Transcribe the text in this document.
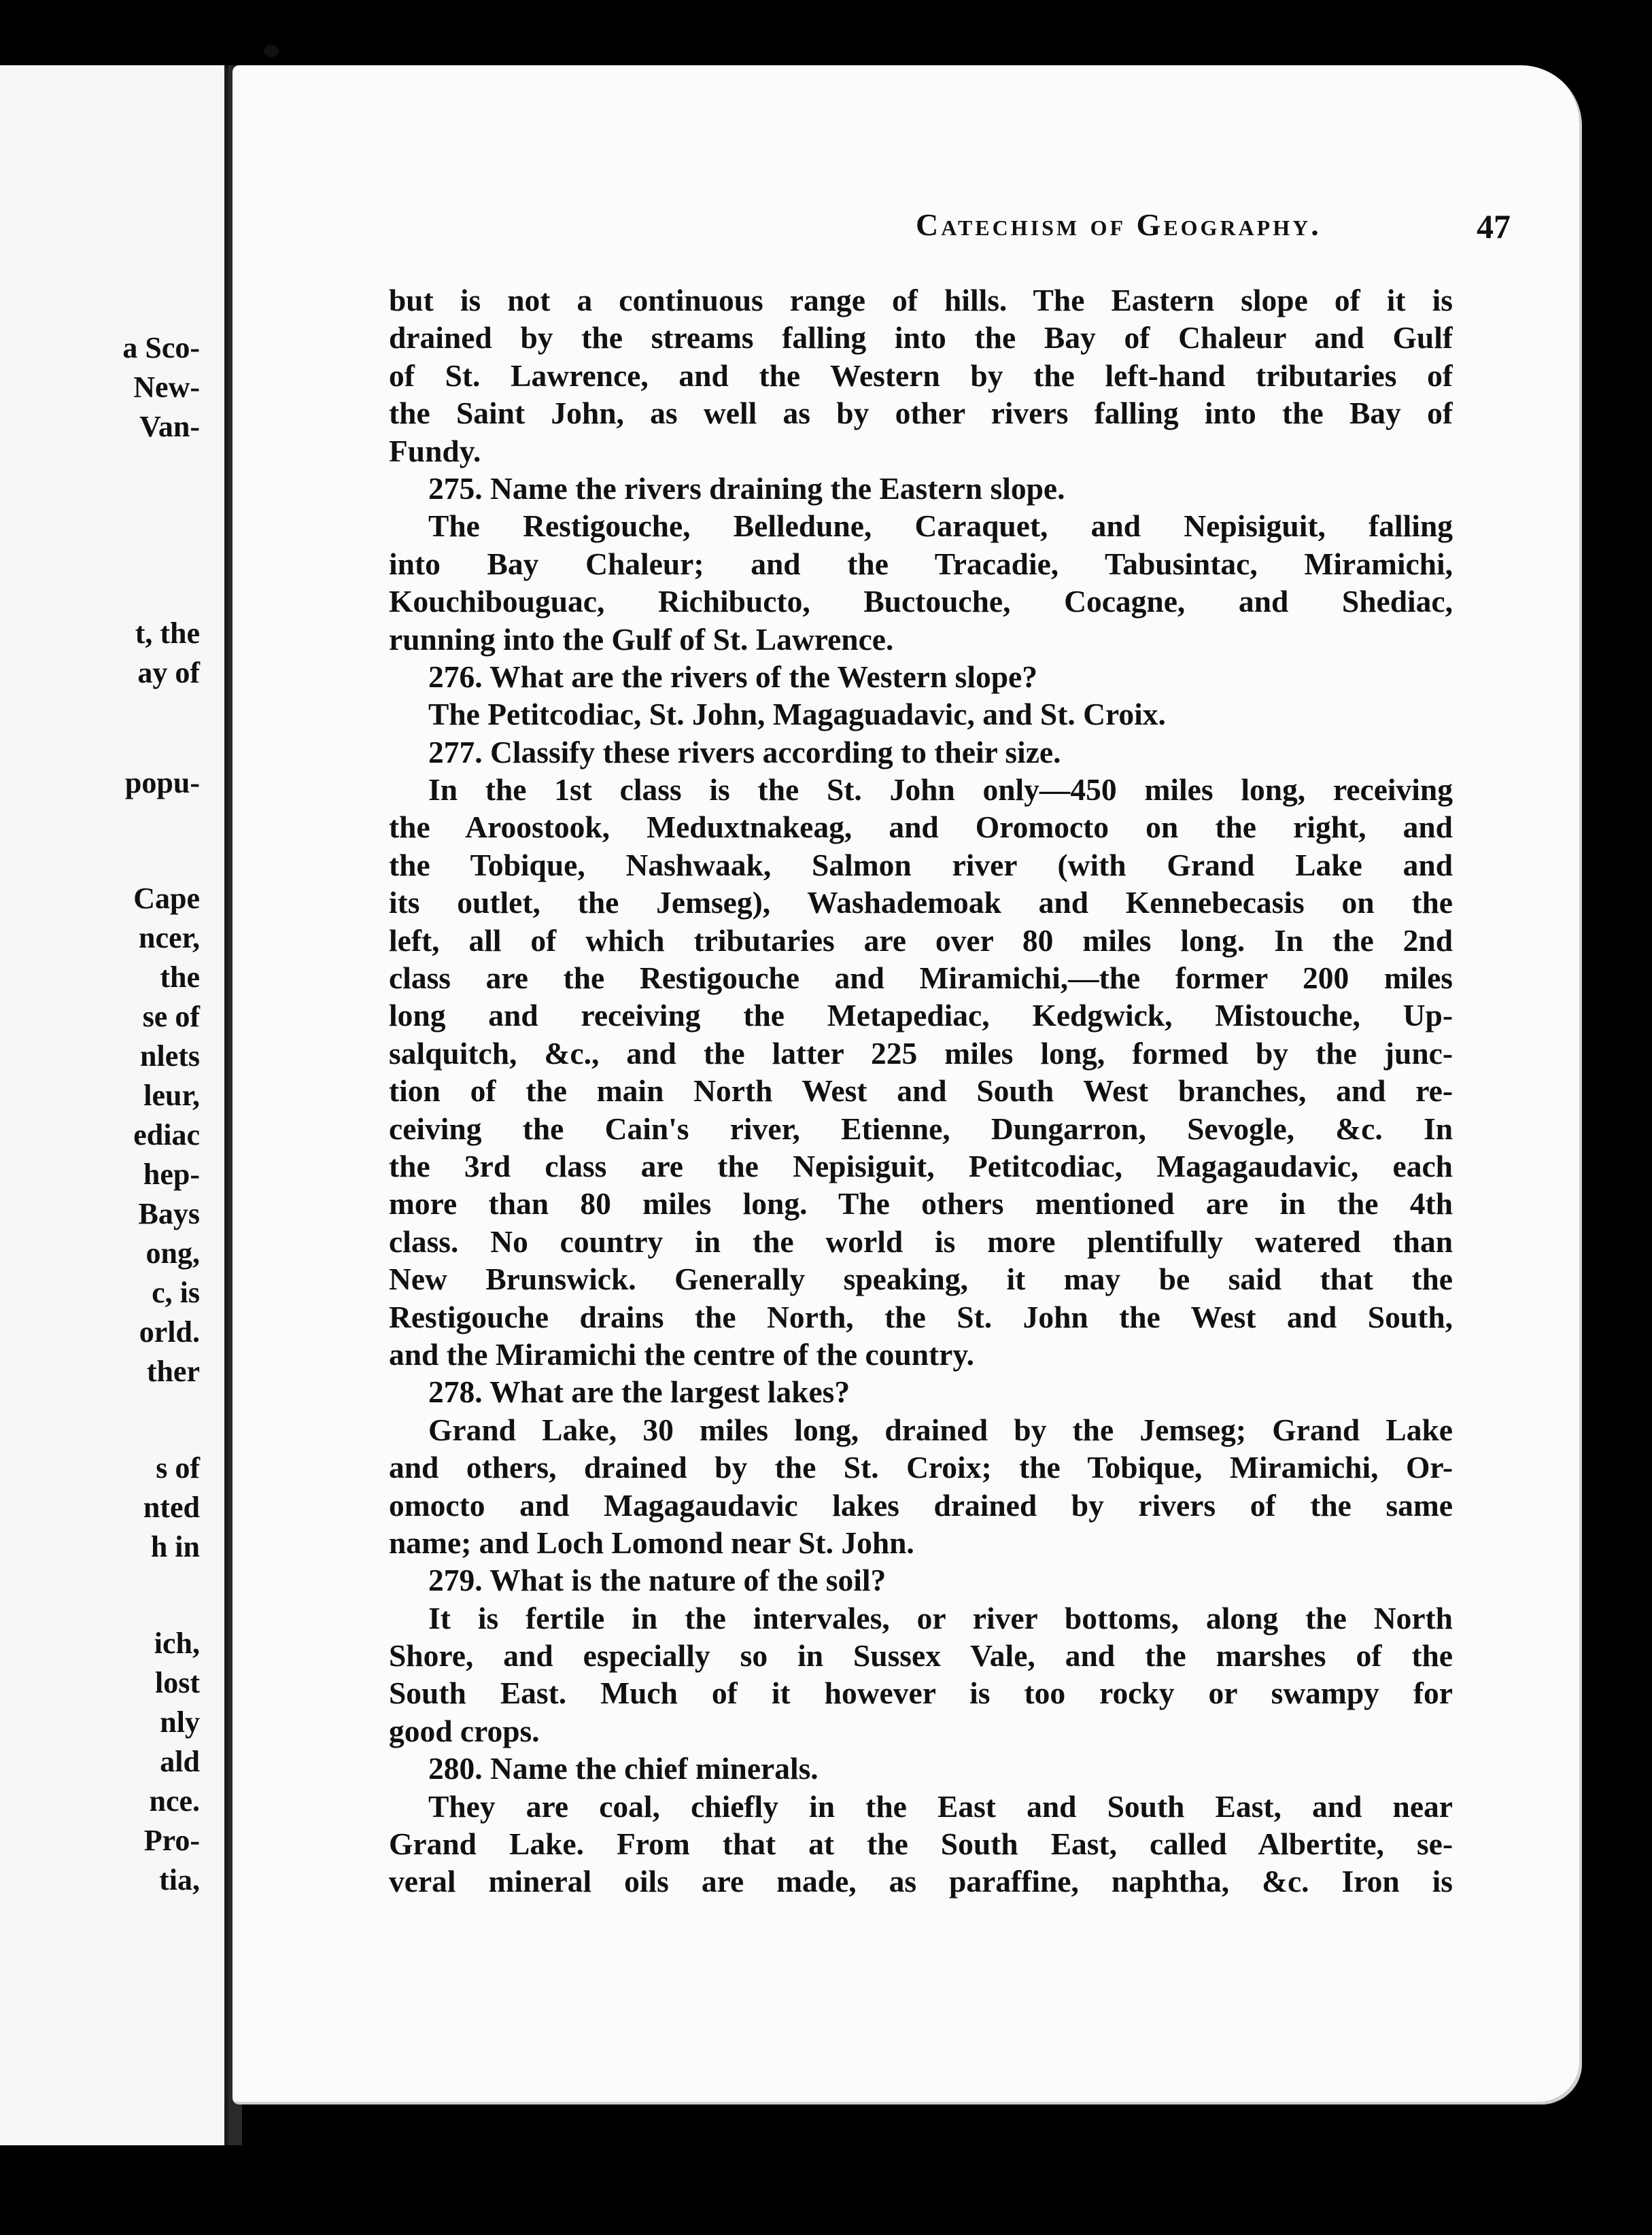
a Sco-
New-
Van-
t, the
ay of
popu-
Cape
ncer,
the
se of
nlets
leur,
ediac
hep-
Bays
ong,
c, is
orld.
ther
s of
nted
h in
ich,
lost
nly
ald
nce.
Pro-
tia,
Catechism of Geography.	47
but is not a continuous range of hills. The Eastern slope of it is
drained by the streams falling into the Bay of Chaleur and Gulf
of St. Lawrence, and the Western by the left-hand tributaries of
the Saint John, as well as by other rivers falling into the Bay of
Fundy.
275. Name the rivers draining the Eastern slope.
The Restigouche, Belledune, Caraquet, and Nepisiguit, falling
into Bay Chaleur; and the Tracadie, Tabusintac, Miramichi,
Kouchibouguac, Richibucto, Buctouche, Cocagne, and Shediac,
running into the Gulf of St. Lawrence.
276. What are the rivers of the Western slope?
The Petitcodiac, St. John, Magaguadavic, and St. Croix.
277. Classify these rivers according to their size.
In the 1st class is the St. John only—450 miles long, receiving
the Aroostook, Meduxtnakeag, and Oromocto on the right, and
the Tobique, Nashwaak, Salmon river (with Grand Lake and
its outlet, the Jemseg), Washademoak and Kennebecasis on the
left, all of which tributaries are over 80 miles long. In the 2nd
class are the Restigouche and Miramichi,—the former 200 miles
long and receiving the Metapediac, Kedgwick, Mistouche, Up-
salquitch, &c., and the latter 225 miles long, formed by the junc-
tion of the main North West and South West branches, and re-
ceiving the Cain's river, Etienne, Dungarron, Sevogle, &c. In
the 3rd class are the Nepisiguit, Petitcodiac, Magagaudavic, each
more than 80 miles long. The others mentioned are in the 4th
class. No country in the world is more plentifully watered than
New Brunswick. Generally speaking, it may be said that the
Restigouche drains the North, the St. John the West and South,
and the Miramichi the centre of the country.
278. What are the largest lakes?
Grand Lake, 30 miles long, drained by the Jemseg; Grand Lake
and others, drained by the St. Croix; the Tobique, Miramichi, Or-
omocto and Magagaudavic lakes drained by rivers of the same
name; and Loch Lomond near St. John.
279. What is the nature of the soil?
It is fertile in the intervales, or river bottoms, along the North
Shore, and especially so in Sussex Vale, and the marshes of the
South East. Much of it however is too rocky or swampy for
good crops.
280. Name the chief minerals.
They are coal, chiefly in the East and South East, and near
Grand Lake. From that at the South East, called Albertite, se-
veral mineral oils are made, as paraffine, naphtha, &c. Iron is
